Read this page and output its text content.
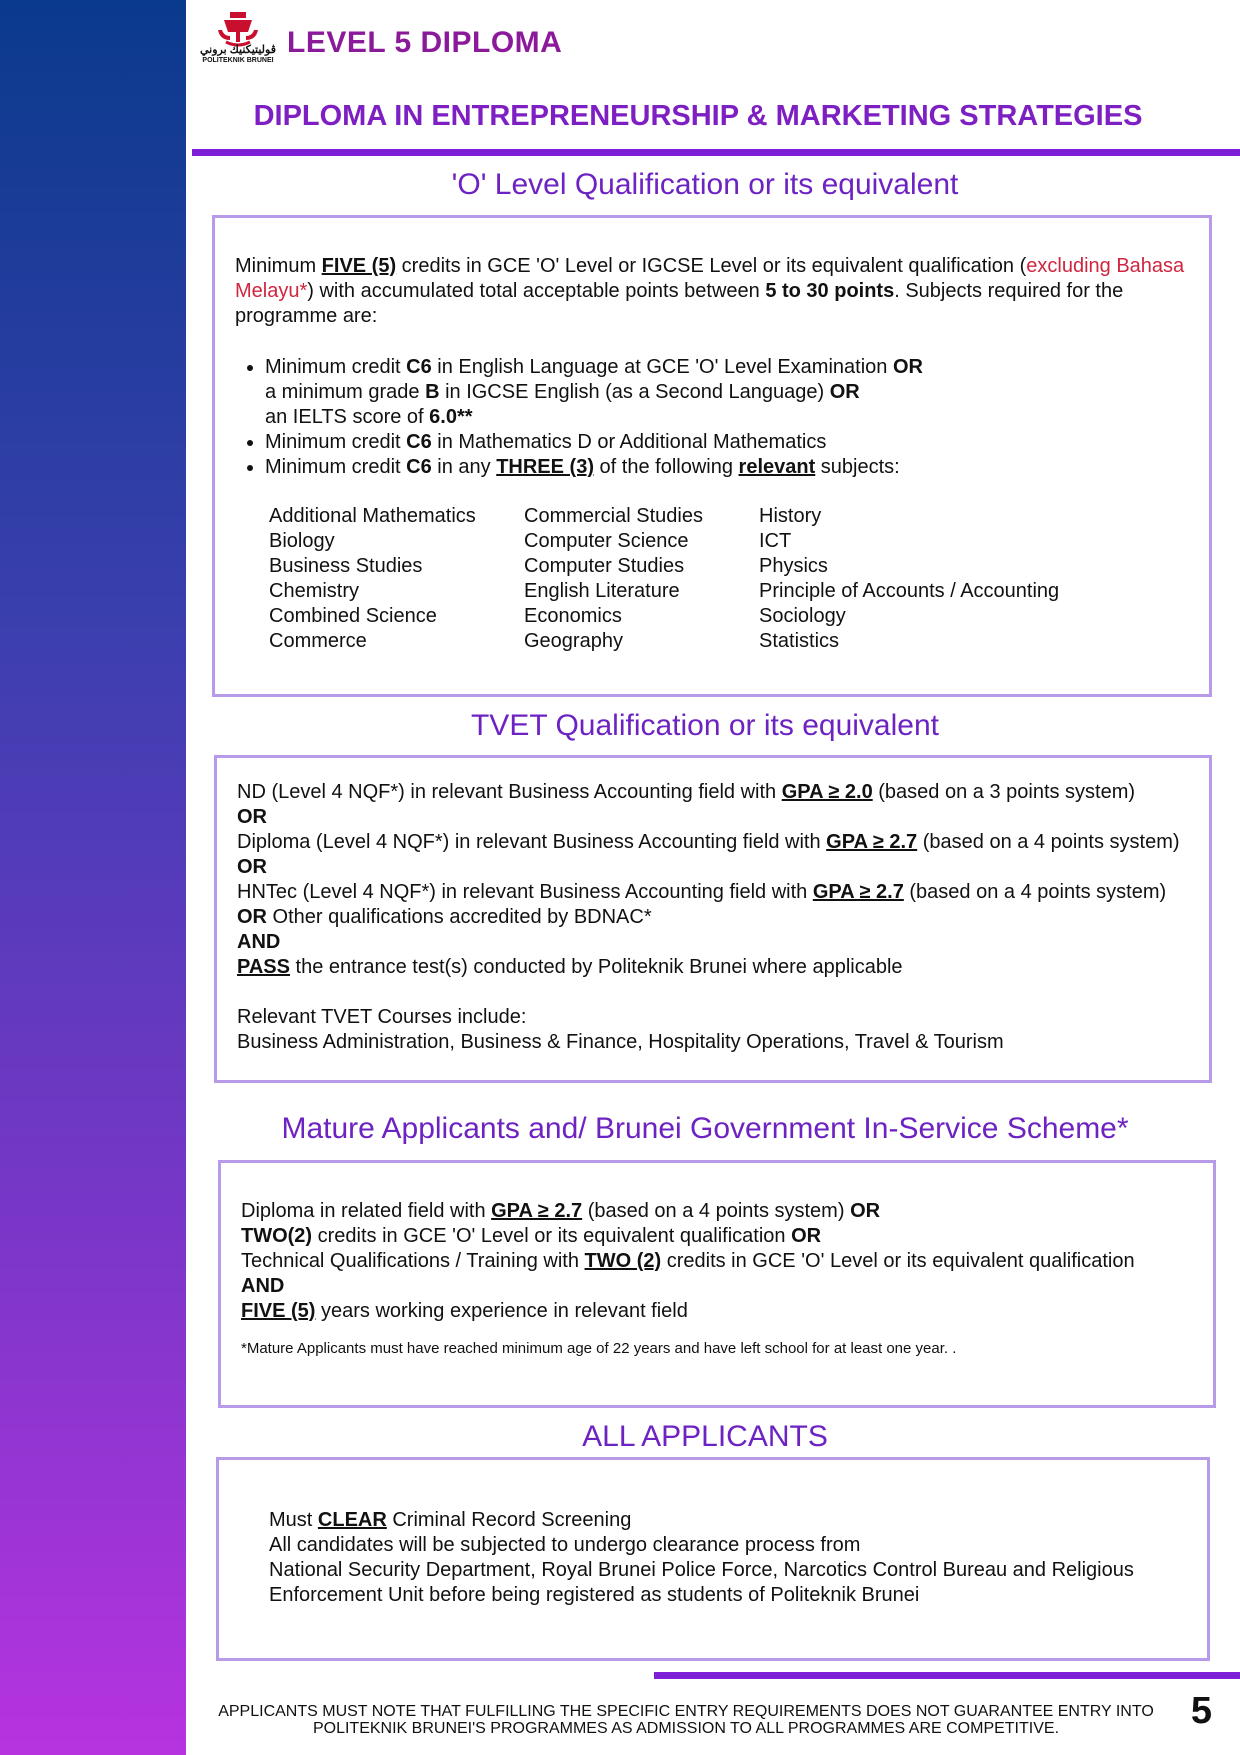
ڤوليتيكنيك بروني
POLITEKNIK BRUNEI
LEVEL 5 DIPLOMA
DIPLOMA IN ENTREPRENEURSHIP & MARKETING STRATEGIES
'O' Level Qualification or its equivalent

Minimum FIVE (5) credits in GCE 'O' Level or IGCSE Level or its equivalent qualification (excluding Bahasa Melayu*) with accumulated total acceptable points between 5 to 30 points. Subjects required for the programme are:

• Minimum credit C6 in English Language at GCE 'O' Level Examination OR
a minimum grade B in IGCSE English (as a Second Language) OR
an IELTS score of 6.0**
• Minimum credit C6 in Mathematics D or Additional Mathematics
• Minimum credit C6 in any THREE (3) of the following relevant subjects:
Additional Mathematics
Biology
Business Studies
Chemistry
Combined Science
Commerce
Commercial Studies
Computer Science
Computer Studies
English Literature
Economics
Geography
History
ICT
Physics
Principle of Accounts / Accounting
Sociology
Statistics
TVET Qualification or its equivalent

ND (Level 4 NQF*) in relevant Business Accounting field with GPA ≥ 2.0 (based on a 3 points system)

OR

Diploma (Level 4 NQF*) in relevant Business Accounting field with GPA ≥ 2.7 (based on a 4 points system) OR

HNTec (Level 4 NQF*) in relevant Business Accounting field with GPA ≥ 2.7 (based on a 4 points system)

OR Other qualifications accredited by BDNAC*

AND

PASS the entrance test(s) conducted by Politeknik Brunei where applicable

Relevant TVET Courses include:

Business Administration, Business & Finance, Hospitality Operations, Travel & Tourism

Mature Applicants and/ Brunei Government In-Service Scheme*

Diploma in related field with GPA ≥ 2.7 (based on a 4 points system) OR

TWO(2) credits in GCE 'O' Level or its equivalent qualification OR

Technical Qualifications / Training with TWO (2) credits in GCE 'O' Level or its equivalent qualification

AND

FIVE (5) years working experience in relevant field

*Mature Applicants must have reached minimum age of 22 years and have left school for at least one year. .

ALL APPLICANTS

Must CLEAR Criminal Record Screening

All candidates will be subjected to undergo clearance process from

National Security Department, Royal Brunei Police Force, Narcotics Control Bureau and Religious

Enforcement Unit before being registered as students of Politeknik Brunei

APPLICANTS MUST NOTE THAT FULFILLING THE SPECIFIC ENTRY REQUIREMENTS DOES NOT GUARANTEE ENTRY INTO
POLITEKNIK BRUNEI'S PROGRAMMES AS ADMISSION TO ALL PROGRAMMES ARE COMPETITIVE.	5
